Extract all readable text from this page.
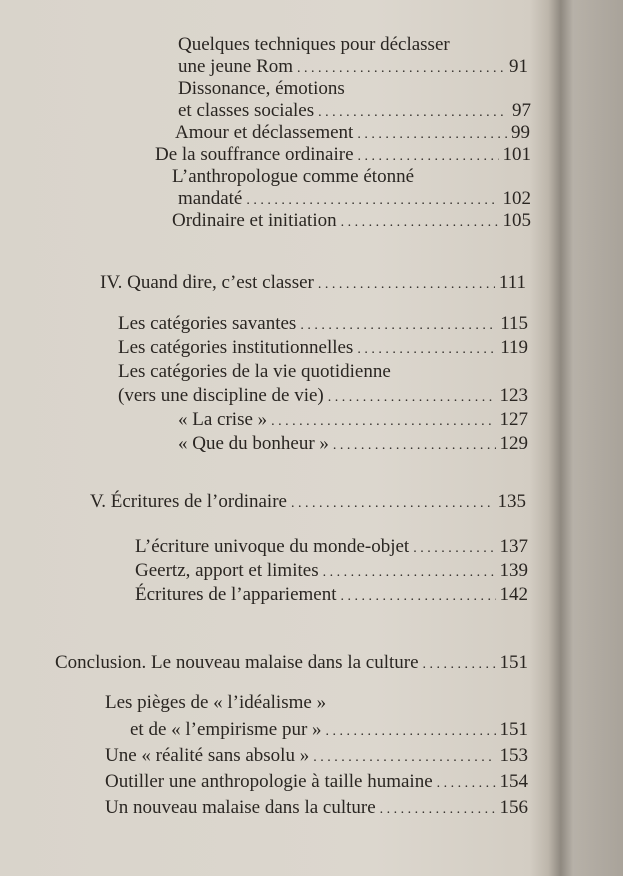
Quelques techniques pour déclasser
une jeune Rom . . .	91
Dissonance, émotions
et classes sociales . . .	97
Amour et déclassement . . .	99
De la souffrance ordinaire . . .	101
L’anthropologue comme étonné
mandaté . . .	102
Ordinaire et initiation . . .	105
IV. Quand dire, c’est classer . . .	111
Les catégories savantes . . .	115
Les catégories institutionnelles . . .	119
Les catégories de la vie quotidienne
(vers une discipline de vie) . . .	123
« La crise » . . .	127
« Que du bonheur » . . .	129
V. Écritures de l’ordinaire . . .	135
L’écriture univoque du monde-objet . . .	137
Geertz, apport et limites . . .	139
Écritures de l’appariement . . .	142
Conclusion. Le nouveau malaise dans la culture . . .	151
Les pièges de « l’idéalisme »
et de « l’empirisme pur » . . .	151
Une « réalité sans absolu » . . .	153
Outiller une anthropologie à taille humaine . . .	154
Un nouveau malaise dans la culture . . .	156
